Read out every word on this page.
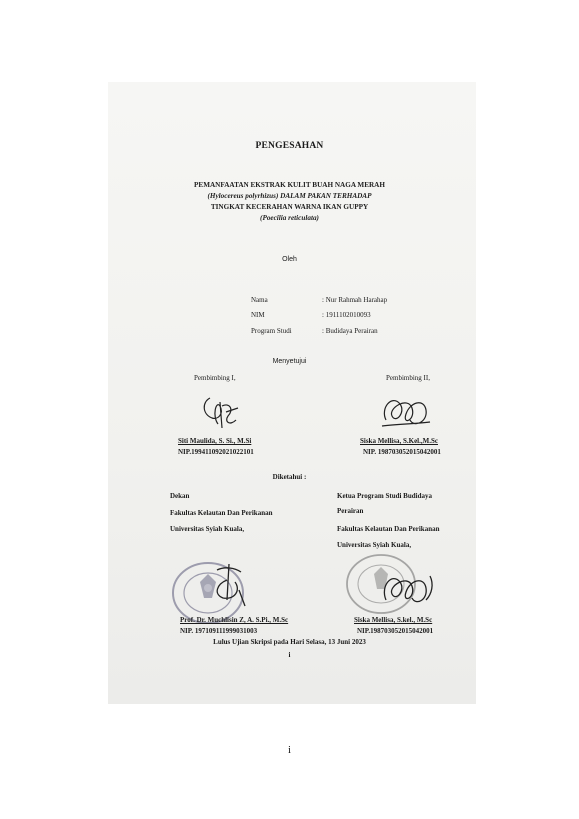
PENGESAHAN
PEMANFAATAN EKSTRAK KULIT BUAH NAGA MERAH
(Hylocereus polyrhizus) DALAM PAKAN TERHADAP
TINGKAT KECERAHAN WARNA IKAN GUPPY
(Poecilia reticulata)
Oleh
Nama	: Nur Rahmah Harahap
NIM	: 1911102010093
Program Studi	: Budidaya Perairan
Menyetujui
Pembimbing I,	Pembimbing II,
Siti Maulida, S. Si., M.Si
NIP.199411092021022101
Siska Mellisa, S.Kel.,M.Sc
NIP. 198703052015042001
Diketahui :
Dekan
Fakultas Kelautan Dan Perikanan
Universitas Syiah Kuala,
Ketua Program Studi Budidaya
Perairan
Fakultas Kelautan Dan Perikanan
Universitas Syiah Kuala,
Prof. Dr. Muchlisin Z, A. S.Pi., M.Sc
NIP. 197109111999031003
Siska Mellisa, S.kel., M.Sc
NIP.198703052015042001
Lulus Ujian Skripsi pada Hari Selasa, 13 Juni 2023
i
i
